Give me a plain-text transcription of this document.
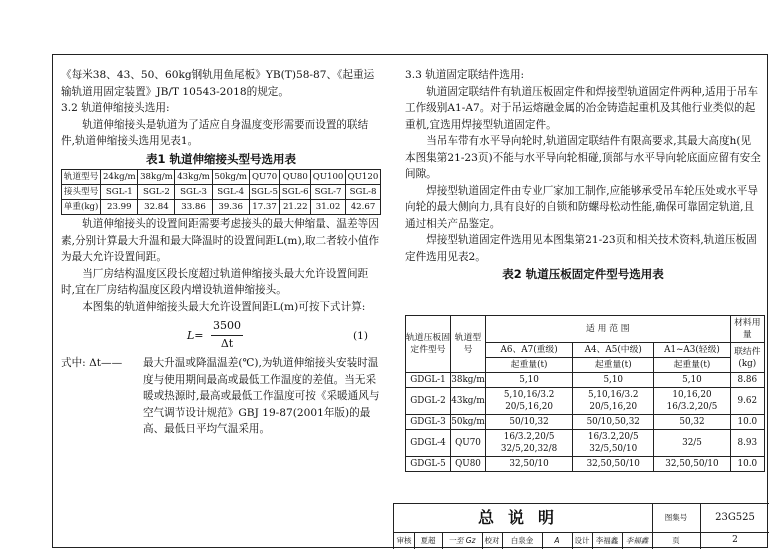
《每米38、43、50、60kg钢轨用鱼尾板》YB(T)58-87、《起重运输轨道用固定装置》JB/T 10543-2018的规定。

3.2 轨道伸缩接头选用:

轨道伸缩接头是轨道为了适应自身温度变形需要而设置的联结件,轨道伸缩接头选用见表1。

表1 轨道伸缩接头型号选用表
轨道型号	24kg/m	38kg/m	43kg/m	50kg/m	QU70	QU80	QU100	QU120
接头型号	SGL-1	SGL-2	SGL-3	SGL-4	SGL-5	SGL-6	SGL-7	SGL-8
单重(kg)	23.99	32.84	33.86	39.36	17.37	21.22	31.02	42.67

轨道伸缩接头的设置间距需要考虑接头的最大伸缩量、温差等因素,分别计算最大升温和最大降温时的设置间距L(m),取二者较小值作为最大允许设置间距。

当厂房结构温度区段长度超过轨道伸缩接头最大允许设置间距时,宜在厂房结构温度区段内增设轨道伸缩接头。

本图集的轨道伸缩接头最大允许设置间距L(m)可按下式计算:

L=
3500
Δt
(1)
式中: Δt——	最大升温或降温温差(℃),为轨道伸缩接头安装时温度与使用期间最高或最低工作温度的差值。当无采暖或热源时,最高或最低工作温度可按《采暖通风与空气调节设计规范》GBJ 19-87(2001年版)的最高、最低日平均气温采用。

3.3 轨道固定联结件选用:

轨道固定联结件有轨道压板固定件和焊接型轨道固定件两种,适用于吊车工作级别A1-A7。对于吊运熔融金属的冶金铸造起重机及其他行业类似的起重机,宜选用焊接型轨道固定件。

当吊车带有水平导向轮时,轨道固定联结件有限高要求,其最大高度h(见本图集第21-23页)不能与水平导向轮相碰,顶部与水平导向轮底面应留有安全间隙。

焊接型轨道固定件由专业厂家加工制作,应能够承受吊车轮压处或水平导向轮的最大侧向力,具有良好的自锁和防螺母松动性能,确保可靠固定轨道,且通过相关产品鉴定。

焊接型轨道固定件选用见本图集第21-23页和相关技术资料,轨道压板固定件选用见表2。

表2 轨道压板固定件型号选用表
轨道压板固定件型号	轨道型号	适 用 范 围			材料用量
		A6、A7(重级)	A4、A5(中级)	A1~A3(轻级)	联结件(kg)
		起重量(t)	起重量(t)	起重量(t)	
GDGL-1	38kg/m	5,10	5,10	5,10	8.86
GDGL-2	43kg/m	5,10,16/3.2 20/5,16,20	5,10,16/3.2 20/5,16,20	10,16,20 16/3.2,20/5	9.62
GDGL-3	50kg/m	50/10,32	50/10,50,32	50,32	10.0
GDGL-4	QU70	16/3.2,20/5 32/5,20,32/8	16/3.2,20/5 32/5,50/10	32/5	8.93
GDGL-5	QU80	32,50/10	32,50,50/10	32,50,50/10	10.0
总说明	图集号	23G525
审核	夏超	一至 Gz	校对	白泉金	A	设计 李福鑫	李福鑫	页	2
